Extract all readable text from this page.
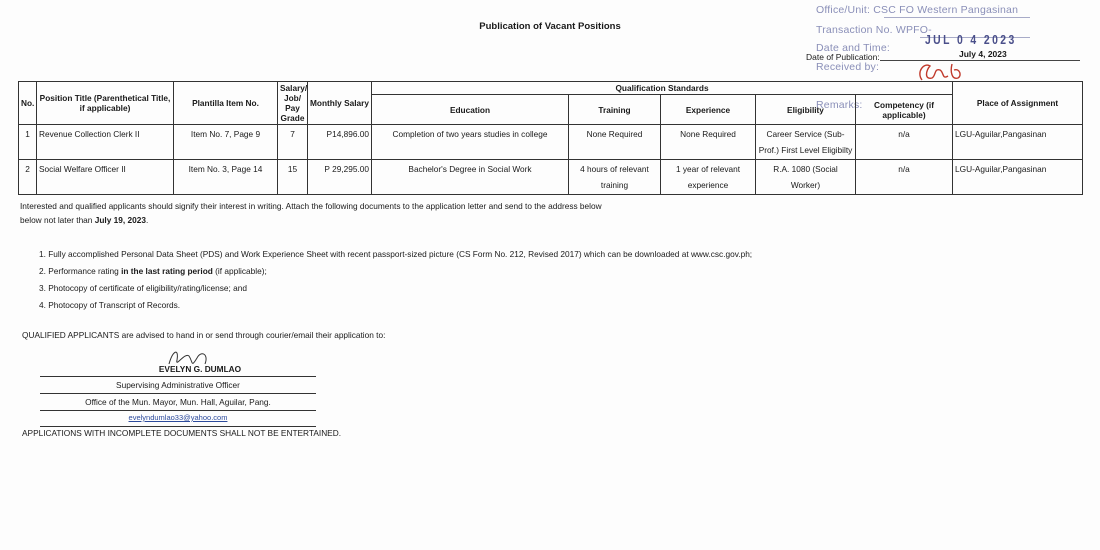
Publication of Vacant Positions
Office/Unit: CSC FO Western Pangasinan
Transaction No. WPFO-
Date and Time:
JUL 0 4 2023
Received by:
Remarks:
Date of Publication:	July 4, 2023
No.	Position Title (Parenthetical Title, if applicable)	Plantilla Item No.	Salary/ Job/ Pay Grade	Monthly Salary	Qualification Standards					Place of Assignment
					Education	Training	Experience	Eligibility	Competency (if applicable)	
1	Revenue Collection Clerk II	Item No. 7, Page 9	7	P14,896.00	Completion of two years studies in college	None Required	None Required	Career Service (Sub-Prof.) First Level Eligibilty	n/a	LGU-Aguilar,Pangasinan
2	Social Welfare Officer II	Item No. 3, Page 14	15	P 29,295.00	Bachelor's Degree in Social Work	4 hours of relevant training	1 year of relevant experience	R.A. 1080 (Social Worker)	n/a	LGU-Aguilar,Pangasinan
Interested and qualified applicants should signify their interest in writing. Attach the following documents to the application letter and send to the address below
below not later than July 19, 2023.
1. Fully accomplished Personal Data Sheet (PDS) and Work Experience Sheet with recent passport-sized picture (CS Form No. 212, Revised 2017) which can be downloaded at www.csc.gov.ph;
2. Performance rating in the last rating period (if applicable);
3. Photocopy of certificate of eligibility/rating/license; and
4. Photocopy of Transcript of Records.
QUALIFIED APPLICANTS are advised to hand in or send through courier/email their application to:
EVELYN G. DUMLAO
Supervising Administrative Officer
Office of the Mun. Mayor, Mun. Hall, Aguilar, Pang.
evelyndumlao33@yahoo.com
APPLICATIONS WITH INCOMPLETE DOCUMENTS SHALL NOT BE ENTERTAINED.
